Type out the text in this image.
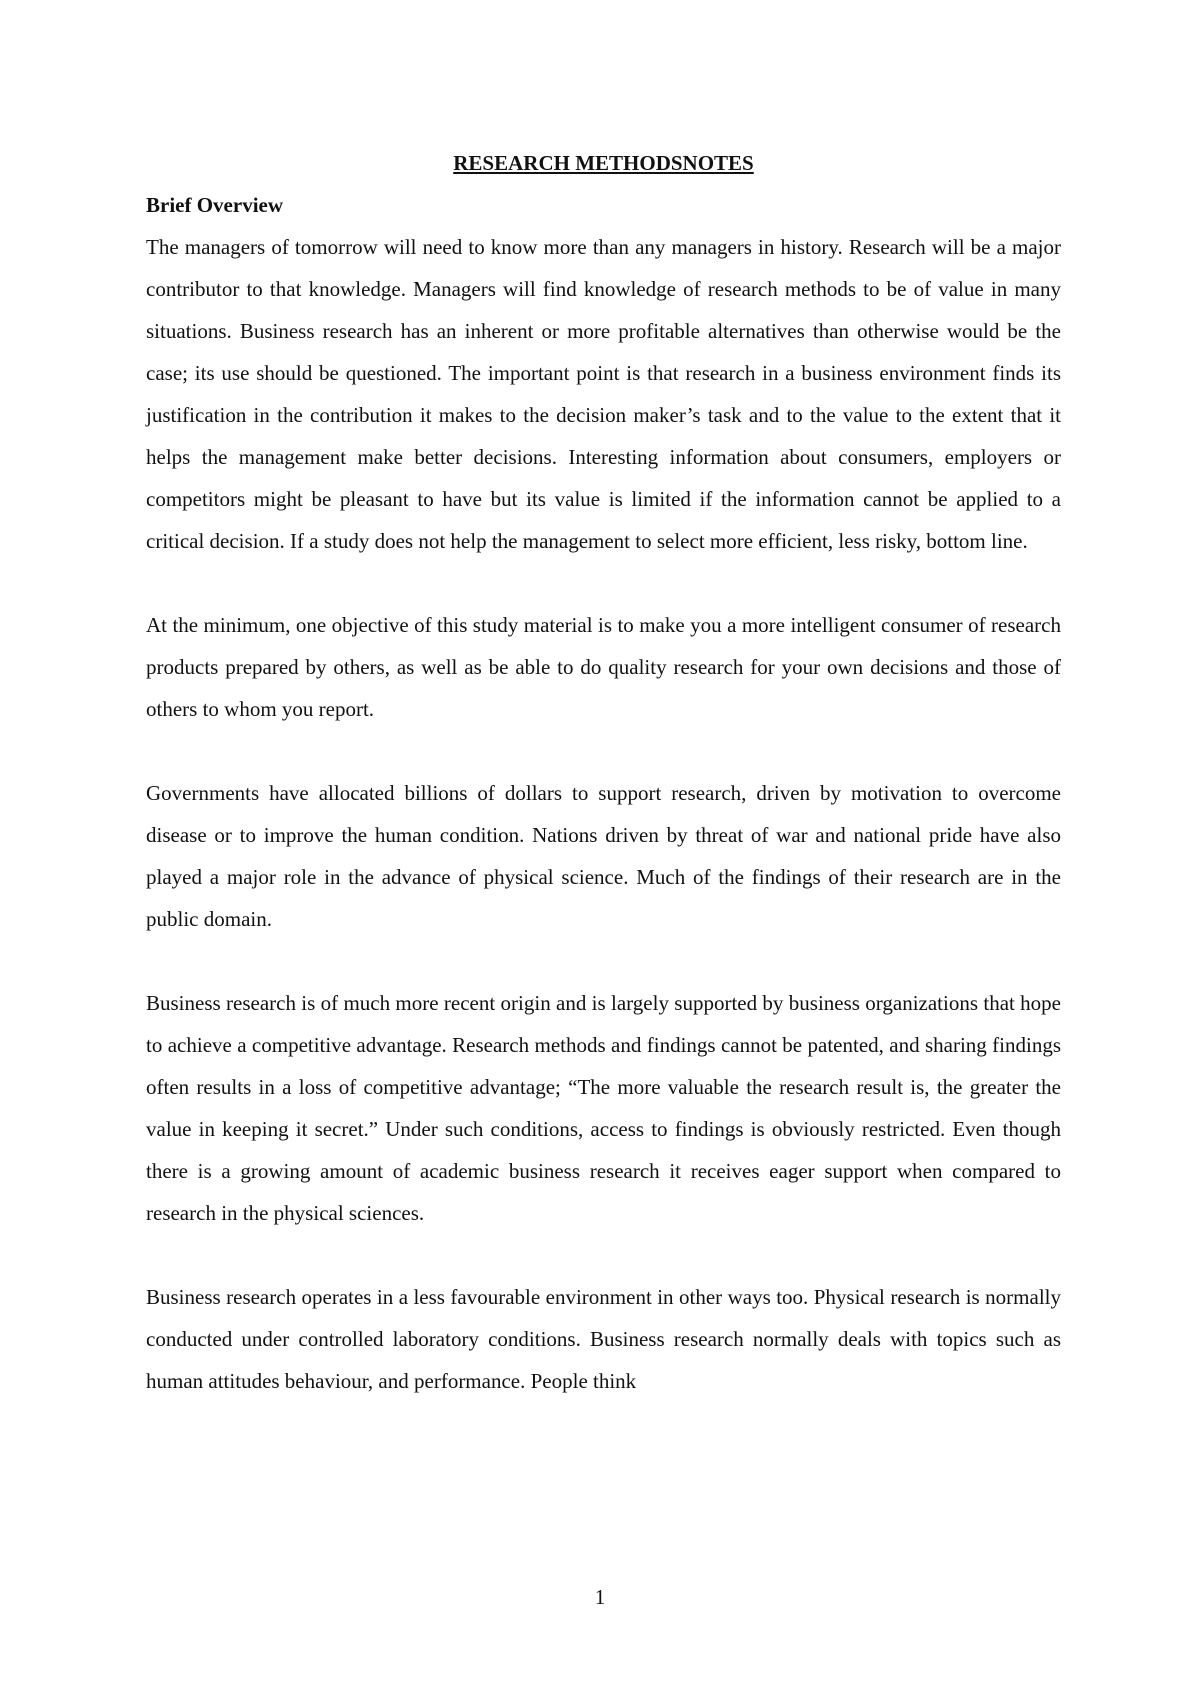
RESEARCH METHODSNOTES
Brief Overview

The managers of tomorrow will need to know more than any managers in history. Research will be a major contributor to that knowledge. Managers will find knowledge of research methods to be of value in many situations. Business research has an inherent or more profitable alternatives than otherwise would be the case; its use should be questioned. The important point is that research in a business environment finds its justification in the contribution it makes to the decision maker’s task and to the value to the extent that it helps the management make better decisions. Interesting information about consumers, employers or competitors might be pleasant to have but its value is limited if the information cannot be applied to a critical decision. If a study does not help the management to select more efficient, less risky, bottom line.

At the minimum, one objective of this study material is to make you a more intelligent consumer of research products prepared by others, as well as be able to do quality research for your own decisions and those of others to whom you report.

Governments have allocated billions of dollars to support research, driven by motivation to overcome disease or to improve the human condition. Nations driven by threat of war and national pride have also played a major role in the advance of physical science. Much of the findings of their research are in the public domain.

Business research is of much more recent origin and is largely supported by business organizations that hope to achieve a competitive advantage. Research methods and findings cannot be patented, and sharing findings often results in a loss of competitive advantage; “The more valuable the research result is, the greater the value in keeping it secret.” Under such conditions, access to findings is obviously restricted. Even though there is a growing amount of academic business research it receives eager support when compared to research in the physical sciences.

Business research operates in a less favourable environment in other ways too. Physical research is normally conducted under controlled laboratory conditions. Business research normally deals with topics such as human attitudes behaviour, and performance. People think

1
